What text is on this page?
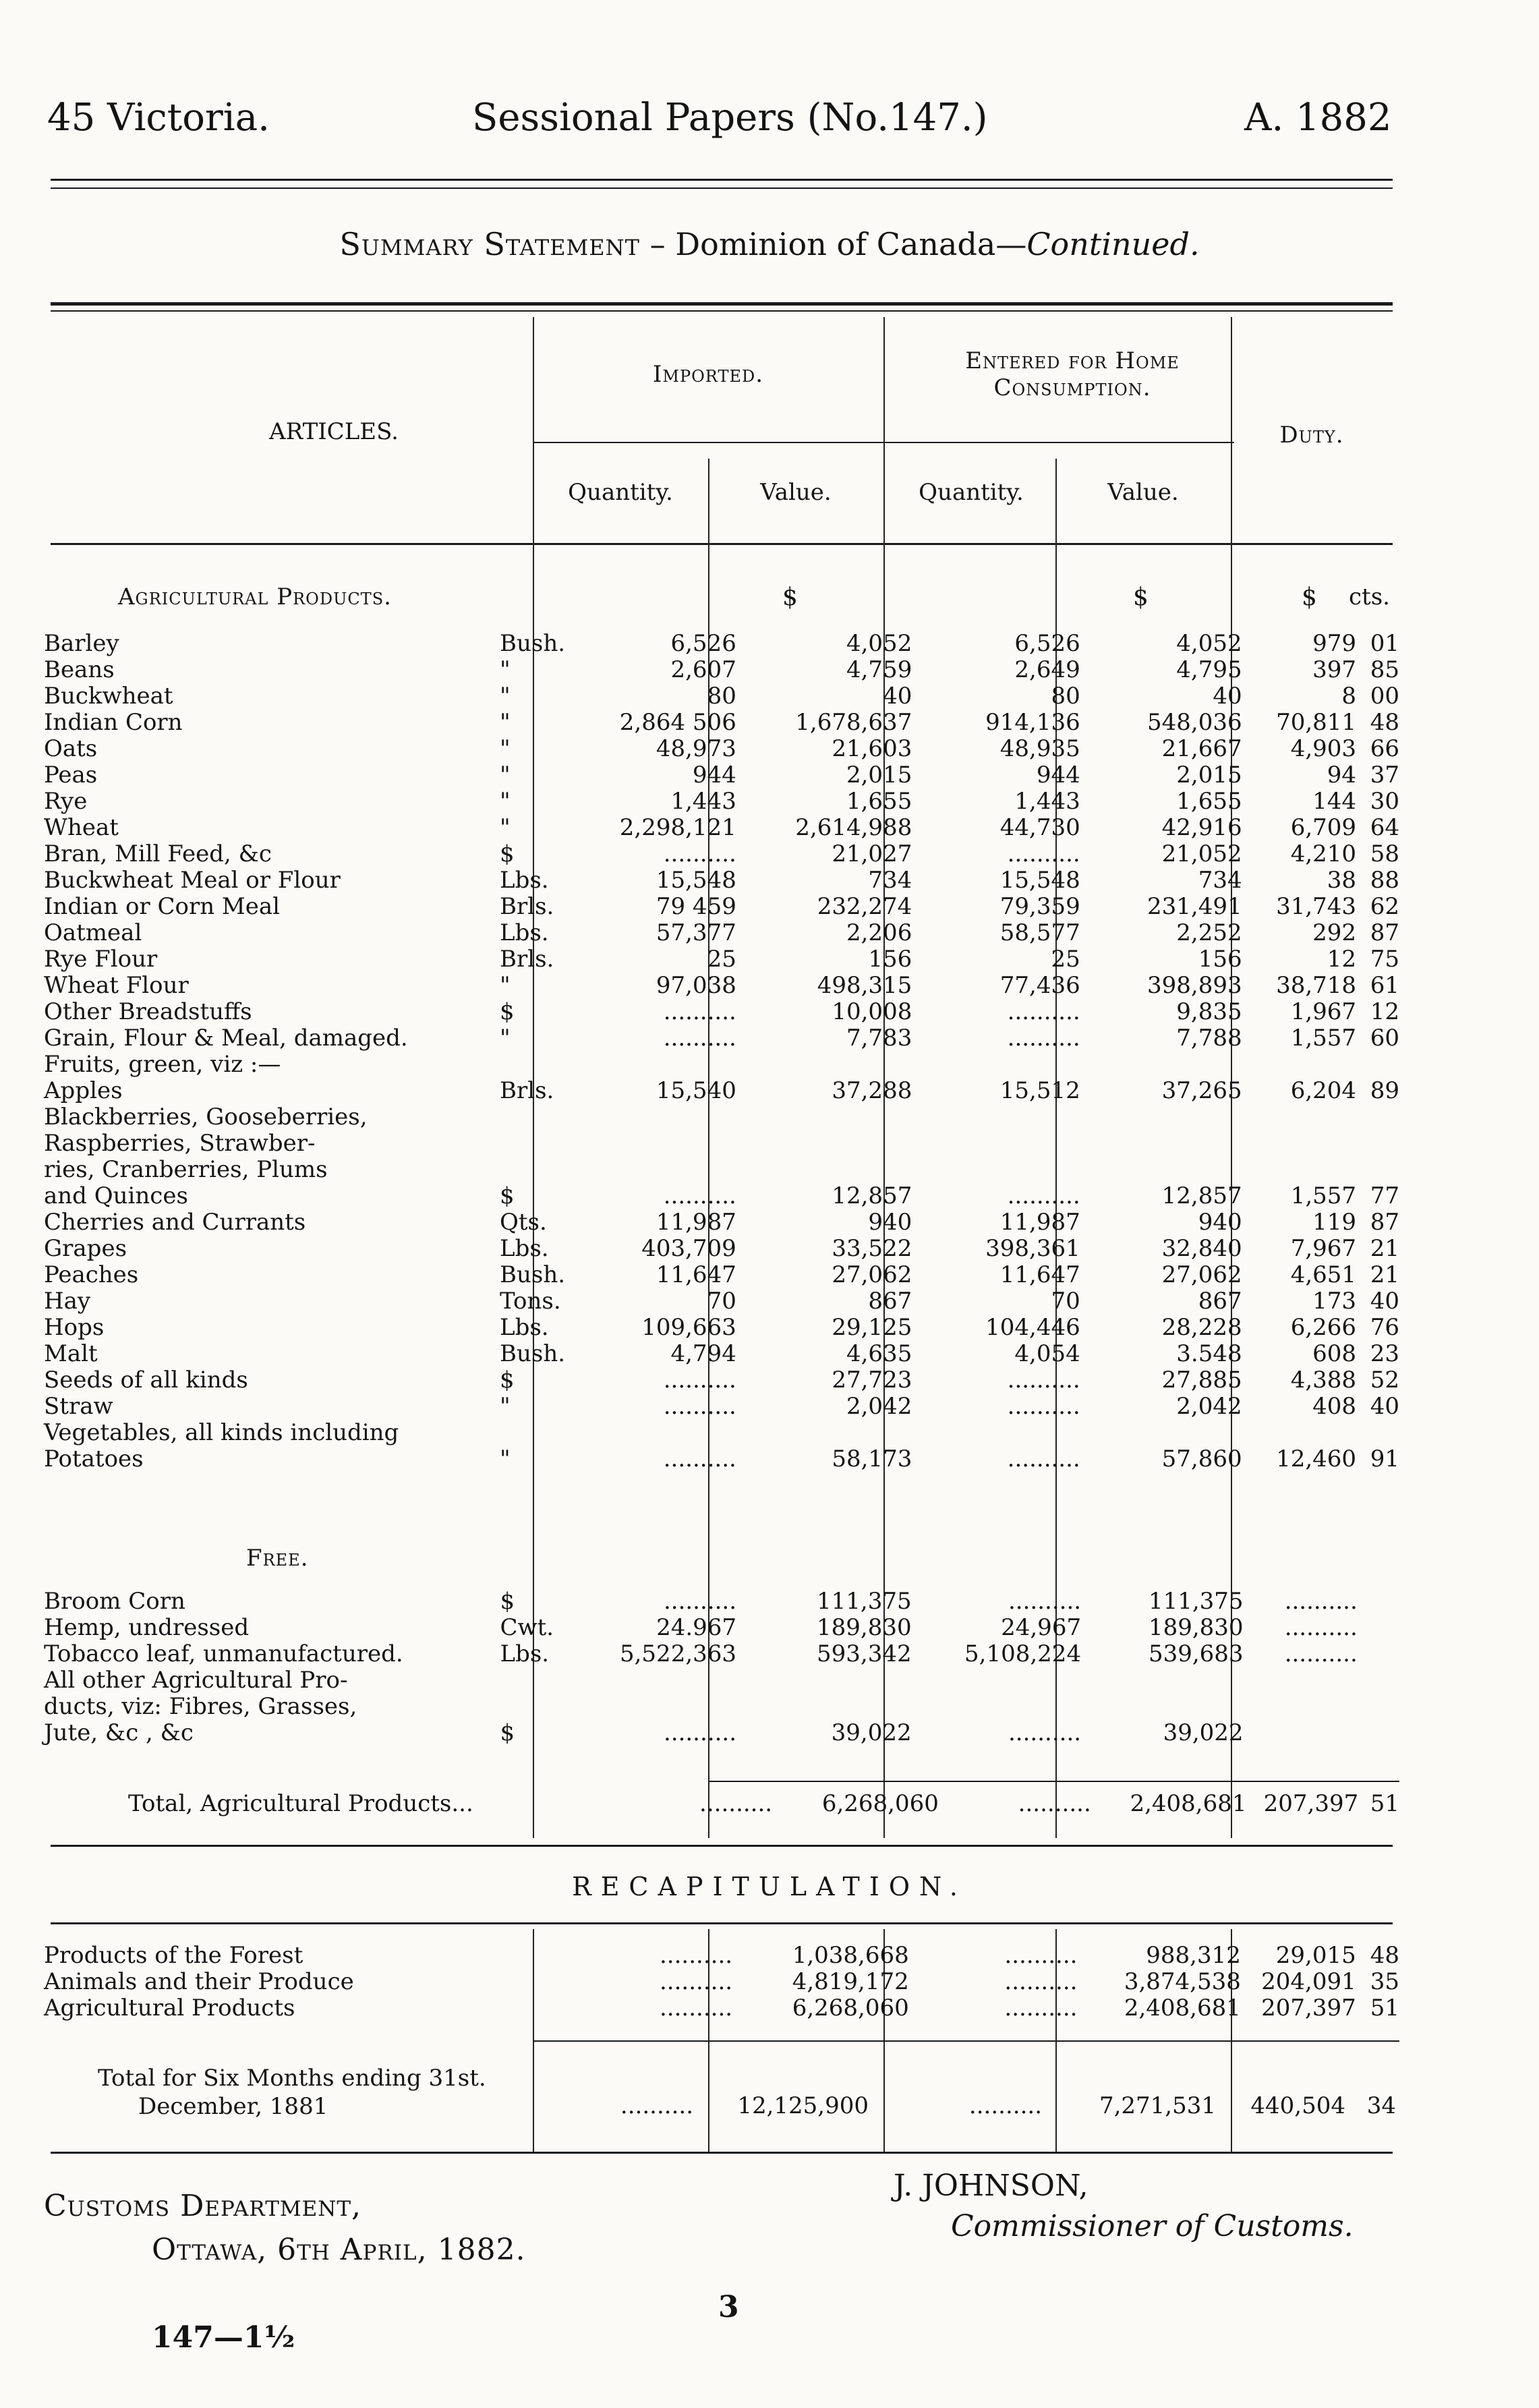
45 Victoria.	Sessional Papers (No.147.)	A. 1882
Summary Statement – Dominion of Canada—Continued.
ARTICLES.
Imported.	Entered for Home Consumption.
Duty.
Quantity.	Value.	Quantity.	Value.
Agricultural Products.	$	$	$ cts.
Barley	Bush.	6,526	4,052	6,526	4,052	979	01
Beans	"	2,607	4,759	2,649	4,795	397	85
Buckwheat	"	80	40	80	40	8	00
Indian Corn	"	2,864 506	1,678,637	914,136	548,036	70,811	48
Oats	"	48,973	21,603	48,935	21,667	4,903	66
Peas	"	944	2,015	944	2,015	94	37
Rye	"	1,443	1,655	1,443	1,655	144	30
Wheat	"	2,298,121	2,614,988	44,730	42,916	6,709	64
Bran, Mill Feed, &c	$	..........	21,027	..........	21,052	4,210	58
Buckwheat Meal or Flour	Lbs.	15,548	734	15,548	734	38	88
Indian or Corn Meal	Brls.	79 459	232,274	79,359	231,491	31,743	62
Oatmeal	Lbs.	57,377	2,206	58,577	2,252	292	87
Rye Flour	Brls.	25	156	25	156	12	75
Wheat Flour	"	97,038	498,315	77,436	398,893	38,718	61
Other Breadstuffs	$	..........	10,008	..........	9,835	1,967	12
Grain, Flour & Meal, damaged.	"	..........	7,783	..........	7,788	1,557	60
Fruits, green, viz :—							
Apples	Brls.	15,540	37,288	15,512	37,265	6,204	89
Blackberries, Gooseberries,							
Raspberries, Strawber-							
ries, Cranberries, Plums							
and Quinces	$	..........	12,857	..........	12,857	1,557	77
Cherries and Currants	Qts.	11,987	940	11,987	940	119	87
Grapes	Lbs.	403,709	33,522	398,361	32,840	7,967	21
Peaches	Bush.	11,647	27,062	11,647	27,062	4,651	21
Hay	Tons.	70	867	70	867	173	40
Hops	Lbs.	109,663	29,125	104,446	28,228	6,266	76
Malt	Bush.	4,794	4,635	4,054	3.548	608	23
Seeds of all kinds	$	..........	27,723	..........	27,885	4,388	52
Straw	"	..........	2,042	..........	2,042	408	40
Vegetables, all kinds including							
Potatoes	"	..........	58,173	..........	57,860	12,460	91
Free.
Broom Corn	$	..........	111,375	..........	111,375	..........	
Hemp, undressed	Cwt.	24.967	189,830	24,967	189,830	..........	
Tobacco leaf, unmanufactured.	Lbs.	5,522,363	593,342	5,108,224	539,683	..........	
All other Agricultural Pro-							
ducts, viz: Fibres, Grasses,							
Jute, &c , &c	$	..........	39,022	..........	39,022		
Total, Agricultural Products...		..........	6,268,060	..........	2,408,681	207,397	51
RECAPITULATION.
Products of the Forest		..........	1,038,668	..........	988,312	29,015	48
Animals and their Produce		..........	4,819,172	..........	3,874,538	204,091	35
Agricultural Products		..........	6,268,060	..........	2,408,681	207,397	51
Total for Six Months ending 31st.
December, 1881	..........	12,125,900	..........	7,271,531	440,504 34
Customs Department,
Ottawa, 6th April, 1882.
J. JOHNSON,
Commissioner of Customs.
3
147—1½
